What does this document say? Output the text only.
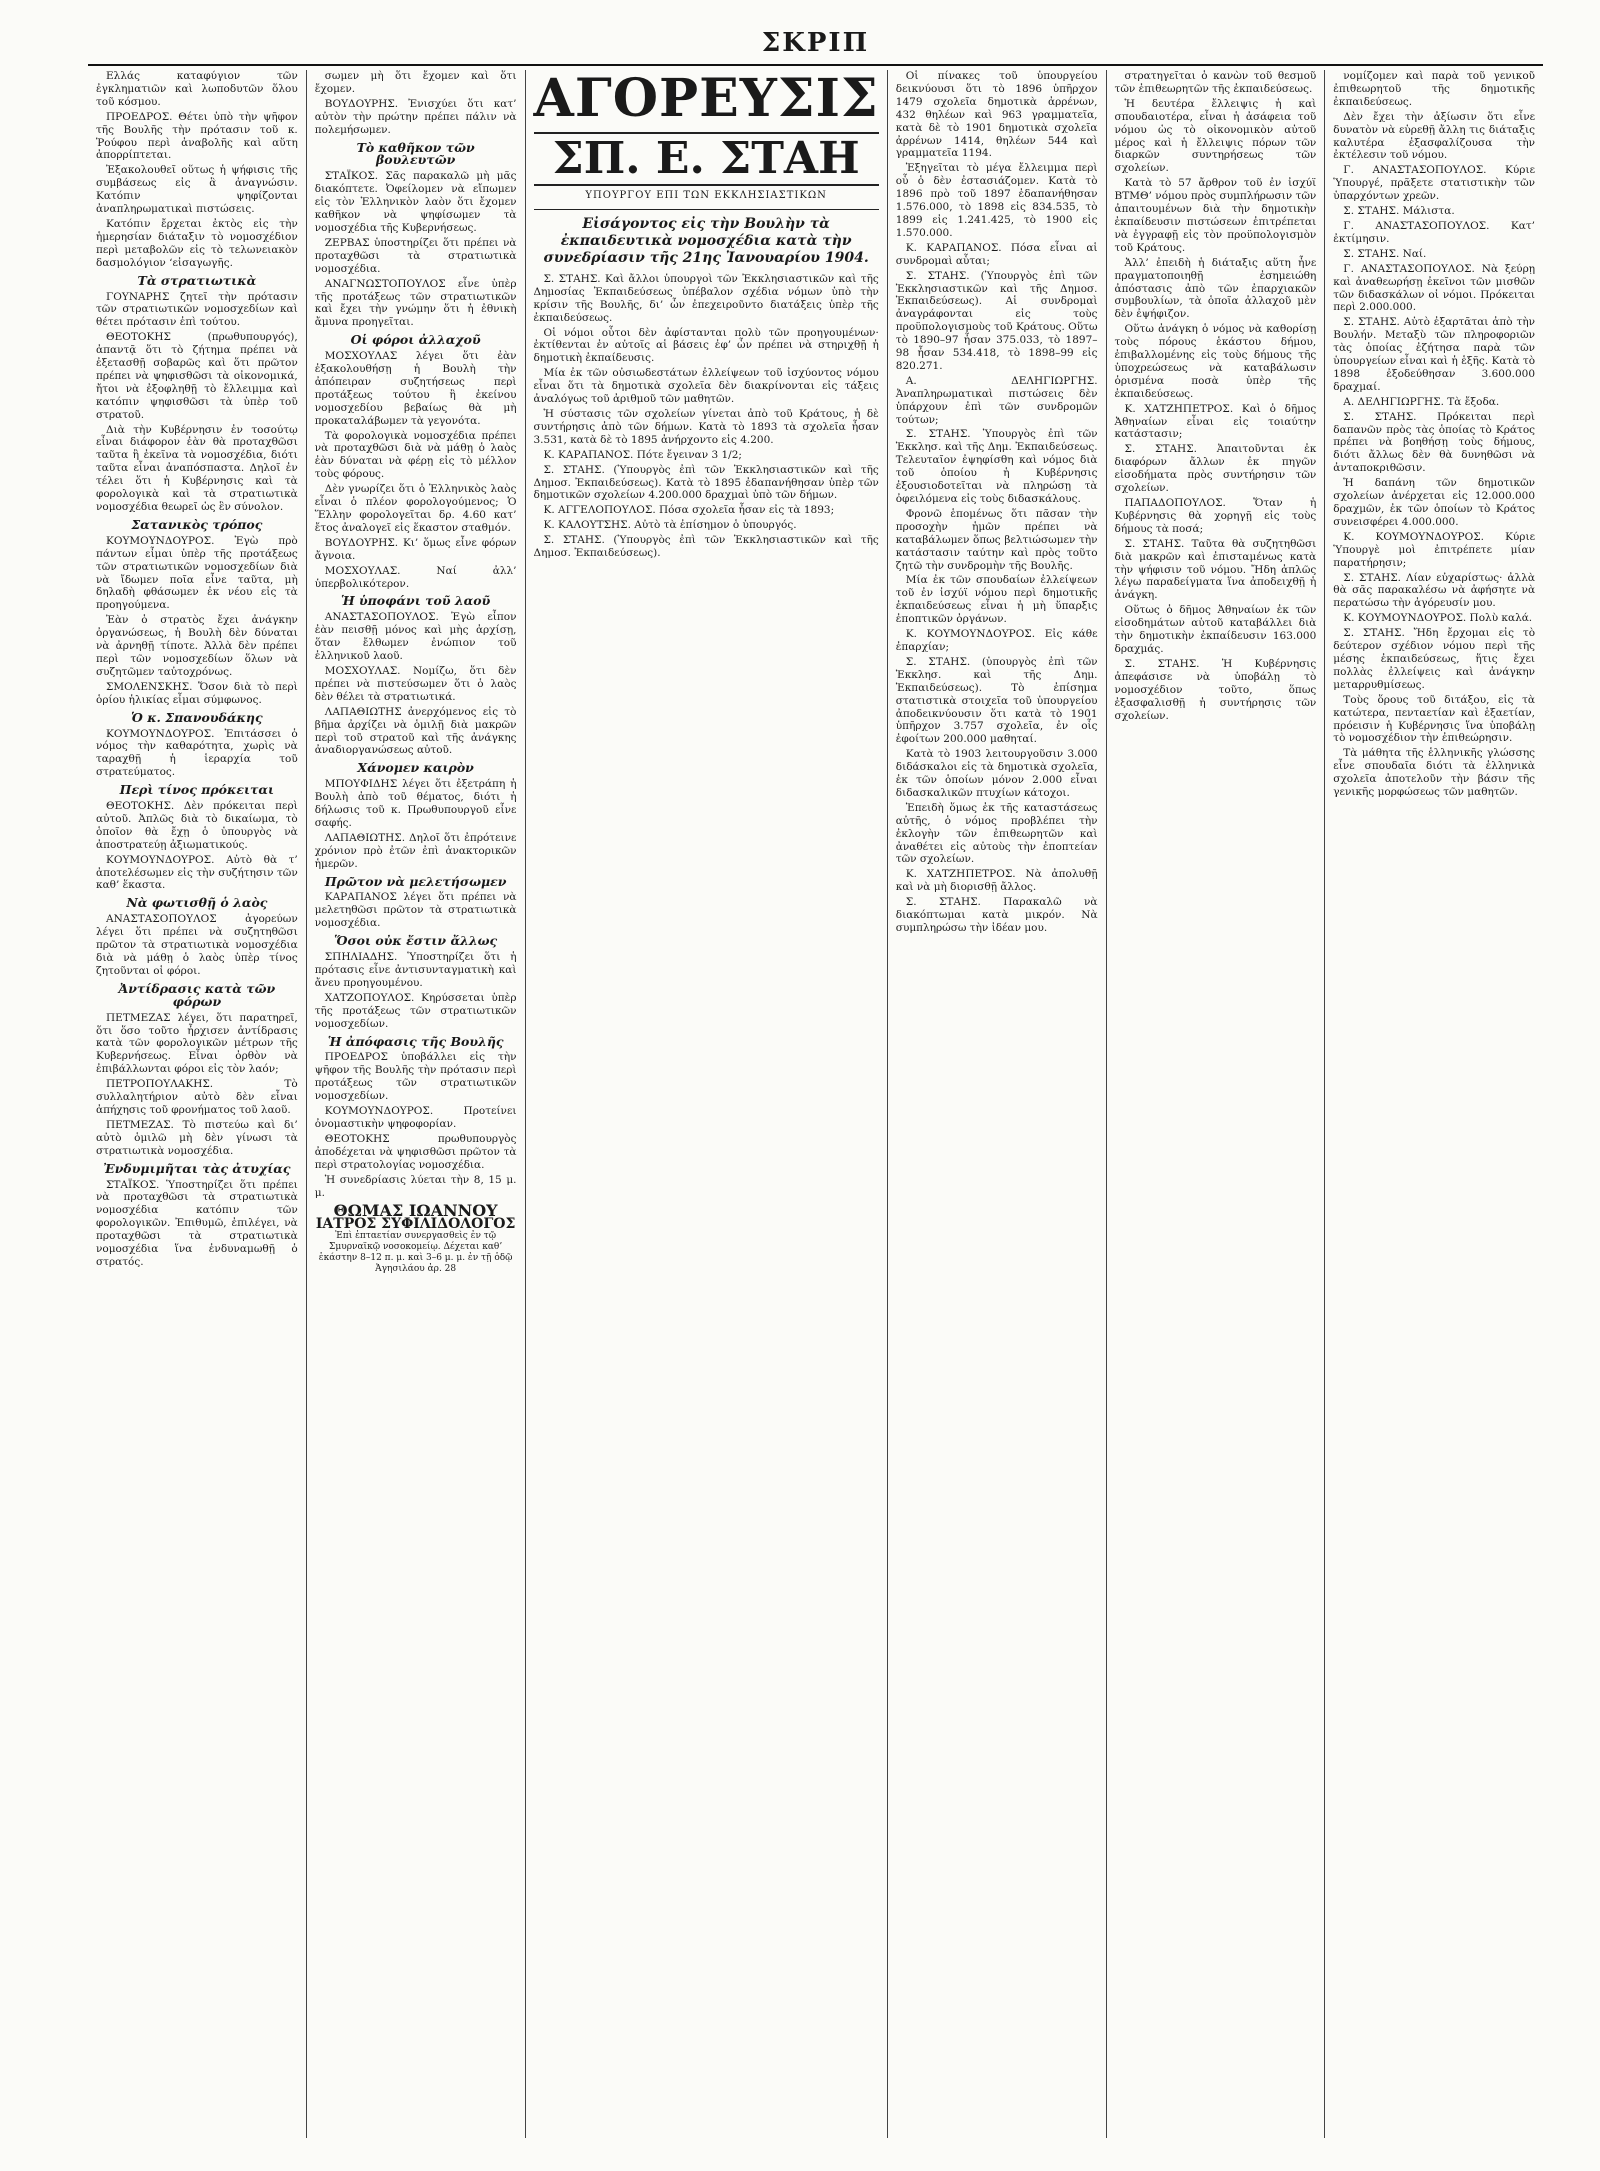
ΣΚΡΙΠ

Ελλάς καταφύγιον τῶν ἐγκληματιῶν καὶ λωποδυτῶν ὅλου τοῦ κόσμου.

ΠΡΟΕΔΡΟΣ. Θέτει ὑπὸ τὴν ψῆφον τῆς Βουλῆς τὴν πρότασιν τοῦ κ. Ῥούφου περὶ ἀναβολῆς καὶ αὕτη ἀπορρίπτεται.

Ἐξακολουθεῖ οὕτως ἡ ψήφισις τῆς συμβάσεως εἰς ἃ ἀναγνώσιν. Κατόπιν ψηφίζονται ἀναπληρωματικαὶ πιστώσεις.

Κατόπιν ἔρχεται ἐκτὸς εἰς τὴν ἡμερησίαν διάταξιν τὸ νομοσχέδιον περὶ μεταβολῶν εἰς τὸ τελωνειακὸν δασμολόγιον ‘εἰσαγωγῆς.

Τὰ στρατιωτικὰ

ΓΟΥΝΑΡΗΣ ζητεῖ τὴν πρότασιν τῶν στρατιωτικῶν νομοσχεδίων καὶ θέτει πρότασιν ἐπὶ τούτου.

ΘΕΟΤΟΚΗΣ (πρωθυπουργός), ἀπαντᾷ ὅτι τὸ ζήτημα πρέπει νὰ ἐξετασθῇ σοβαρῶς καὶ ὅτι πρῶτον πρέπει νὰ ψηφισθῶσι τὰ οἰκονομικά, ἤτοι νὰ ἐξοφληθῇ τὸ ἔλλειμμα καὶ κατόπιν ψηφισθῶσι τὰ ὑπὲρ τοῦ στρατοῦ.

Διὰ τὴν Κυβέρνησιν ἐν τοσούτῳ εἶναι διάφορον ἐὰν θὰ προταχθῶσι ταῦτα ἢ ἐκεῖνα τὰ νομοσχέδια, διότι ταῦτα εἶναι ἀναπόσπαστα. Δηλοῖ ἐν τέλει ὅτι ἡ Κυβέρνησις καὶ τὰ φορολογικὰ καὶ τὰ στρατιωτικὰ νομοσχέδια θεωρεῖ ὡς ἓν σύνολον.

Σατανικὸς τρόπος

ΚΟΥΜΟΥΝΔΟΥΡΟΣ. Ἐγὼ πρὸ πάντων εἶμαι ὑπὲρ τῆς προτάξεως τῶν στρατιωτικῶν νομοσχεδίων διὰ νὰ ἴδωμεν ποῖα εἶνε ταῦτα, μὴ δηλαδὴ φθάσωμεν ἐκ νέου εἰς τὰ προηγούμενα.

Ἐὰν ὁ στρατὸς ἔχει ἀνάγκην ὀργανώσεως, ἡ Βουλὴ δὲν δύναται νὰ ἀρνηθῇ τίποτε. Ἀλλὰ δὲν πρέπει περὶ τῶν νομοσχεδίων ὅλων νὰ συζητῶμεν ταὐτοχρόνως.

ΣΜΟΛΕΝΣΚΗΣ. Ὅσον διὰ τὸ περὶ ὁρίου ἡλικίας εἶμαι σύμφωνος.

Ὁ κ. Σπανουδάκης

ΚΟΥΜΟΥΝΔΟΥΡΟΣ. Ἐπιτάσσει ὁ νόμος τὴν καθαρότητα, χωρὶς νὰ ταραχθῇ ἡ ἱεραρχία τοῦ στρατεύματος.

Περὶ τίνος πρόκειται

ΘΕΟΤΟΚΗΣ. Δὲν πρόκειται περὶ αὐτοῦ. Ἀπλῶς διὰ τὸ δικαίωμα, τὸ ὁποῖον θὰ ἔχῃ ὁ ὑπουργὸς νὰ ἀποστρατεύῃ ἀξιωματικούς.

ΚΟΥΜΟΥΝΔΟΥΡΟΣ. Αὐτὸ θὰ τ’ ἀποτελέσωμεν εἰς τὴν συζήτησιν τῶν καθ’ ἕκαστα.

Νὰ φωτισθῇ ὁ λαὸς

ΑΝΑΣΤΑΣΟΠΟΥΛΟΣ ἀγορεύων λέγει ὅτι πρέπει νὰ συζητηθῶσι πρῶτον τὰ στρατιωτικὰ νομοσχέδια διὰ νὰ μάθῃ ὁ λαὸς ὑπὲρ τίνος ζητοῦνται οἱ φόροι.

Ἀντίδρασις κατὰ τῶν φόρων

ΠΕΤΜΕΖΑΣ λέγει, ὅτι παρατηρεῖ, ὅτι ὅσο τοῦτο ἦρχισεν ἀντίδρασις κατὰ τῶν φορολογικῶν μέτρων τῆς Κυβερνήσεως. Εἶναι ὀρθὸν νὰ ἐπιβάλλωνται φόροι εἰς τὸν λαόν;

ΠΕΤΡΟΠΟΥΛΑΚΗΣ. Τὸ συλλαλητήριον αὐτὸ δὲν εἶναι ἀπήχησις τοῦ φρονήματος τοῦ λαοῦ.

ΠΕΤΜΕΖΑΣ. Τὸ πιστεύω καὶ δι’ αὐτὸ ὁμιλῶ μὴ δὲν γίνωσι τὰ στρατιωτικὰ νομοσχέδια.

Ἐνδυμιμῆται τὰς ἀτυχίας

ΣΤΑΪΚΟΣ. Ὑποστηρίζει ὅτι πρέπει νὰ προταχθῶσι τὰ στρατιωτικὰ νομοσχέδια κατόπιν τῶν φορολογικῶν. Ἐπιθυμῶ, ἐπιλέγει, νὰ προταχθῶσι τὰ στρατιωτικὰ νομοσχέδια ἵνα ἐνδυναμωθῇ ὁ στρατός.

σωμεν μὴ ὅτι ἔχομεν καὶ ὅτι ἔχομεν.

ΒΟΥΔΟΥΡΗΣ. Ἐνισχύει ὅτι κατ’ αὐτὸν τὴν πρώτην πρέπει πάλιν νὰ πολεμήσωμεν.

Τὸ καθῆκον τῶν βουλευτῶν

ΣΤΑΪΚΟΣ. Σᾶς παρακαλῶ μὴ μᾶς διακόπτετε. Ὀφείλομεν νὰ εἴπωμεν εἰς τὸν Ἑλληνικὸν λαὸν ὅτι ἔχομεν καθῆκον νὰ ψηφίσωμεν τὰ νομοσχέδια τῆς Κυβερνήσεως.

ΖΕΡΒΑΣ ὑποστηρίζει ὅτι πρέπει νὰ προταχθῶσι τὰ στρατιωτικὰ νομοσχέδια.

ΑΝΑΓΝΩΣΤΟΠΟΥΛΟΣ εἶνε ὑπὲρ τῆς προτάξεως τῶν στρατιωτικῶν καὶ ἔχει τὴν γνώμην ὅτι ἡ ἐθνικὴ ἄμυνα προηγεῖται.

Οἱ φόροι ἀλλαχοῦ

ΜΟΣΧΟΥΛΑΣ λέγει ὅτι ἐὰν ἐξακολουθήσῃ ἡ Βουλὴ τὴν ἀπόπειραν συζητήσεως περὶ προτάξεως τούτου ἢ ἐκείνου νομοσχεδίου βεβαίως θὰ μὴ προκαταλάβωμεν τὰ γεγονότα.

Τὰ φορολογικὰ νομοσχέδια πρέπει νὰ προταχθῶσι διὰ νὰ μάθῃ ὁ λαὸς ἐὰν δύναται νὰ φέρῃ εἰς τὸ μέλλον τοὺς φόρους.

Δὲν γνωρίζει ὅτι ὁ Ἑλληνικὸς λαὸς εἶναι ὁ πλέον φορολογούμενος; Ὁ Ἕλλην φορολογεῖται δρ. 4.60 κατ’ ἔτος ἀναλογεῖ εἰς ἕκαστον σταθμόν.

ΒΟΥΔΟΥΡΗΣ. Κι’ ὅμως εἶνε φόρων ἄγνοια.

ΜΟΣΧΟΥΛΑΣ. Ναί ἀλλ’ ὑπερβολικότερον.

Ἡ ὑποφάνι τοῦ λαοῦ

ΑΝΑΣΤΑΣΟΠΟΥΛΟΣ. Ἐγὼ εἶπον ἐὰν πεισθῇ μόνος καὶ μὴς ἀρχίσῃ, ὅταν ἔλθωμεν ἐνώπιον τοῦ ἑλληνικοῦ λαοῦ.

ΜΟΣΧΟΥΛΑΣ. Νομίζω, ὅτι δὲν πρέπει νὰ πιστεύσωμεν ὅτι ὁ λαὸς δὲν θέλει τὰ στρατιωτικά.

ΛΑΠΑΘΙΩΤΗΣ ἀνερχόμενος εἰς τὸ βῆμα ἀρχίζει νὰ ὁμιλῇ διὰ μακρῶν περὶ τοῦ στρατοῦ καὶ τῆς ἀνάγκης ἀναδιοργανώσεως αὐτοῦ.

Χάνομεν καιρὸν

ΜΠΟΥΦΙΔΗΣ λέγει ὅτι ἐξετράπη ἡ Βουλὴ ἀπὸ τοῦ θέματος, διότι ἡ δήλωσις τοῦ κ. Πρωθυπουργοῦ εἶνε σαφής.

ΛΑΠΑΘΙΩΤΗΣ. Δηλοῖ ὅτι ἐπρότεινε χρόνιον πρὸ ἐτῶν ἐπὶ ἀνακτορικῶν ἡμερῶν.

Πρῶτον νὰ μελετήσωμεν

ΚΑΡΑΠΑΝΟΣ λέγει ὅτι πρέπει νὰ μελετηθῶσι πρῶτον τὰ στρατιωτικὰ νομοσχέδια.

Ὅσοι οὐκ ἔστιν ἄλλως

ΣΠΗΛΙΑΔΗΣ. Ὑποστηρίζει ὅτι ἡ πρότασις εἶνε ἀντισυνταγματικὴ καὶ ἄνευ προηγουμένου.

ΧΑΤΖΟΠΟΥΛΟΣ. Κηρύσσεται ὑπὲρ τῆς προτάξεως τῶν στρατιωτικῶν νομοσχεδίων.

Ἡ ἀπόφασις τῆς Βουλῆς

ΠΡΟΕΔΡΟΣ ὑποβάλλει εἰς τὴν ψῆφον τῆς Βουλῆς τὴν πρότασιν περὶ προτάξεως τῶν στρατιωτικῶν νομοσχεδίων.

ΚΟΥΜΟΥΝΔΟΥΡΟΣ. Προτείνει ὀνομαστικὴν ψηφοφορίαν.

ΘΕΟΤΟΚΗΣ πρωθυπουργὸς ἀποδέχεται νὰ ψηφισθῶσι πρῶτον τὰ περὶ στρατολογίας νομοσχέδια.

Ἡ συνεδρίασις λύεται τὴν 8, 15 μ. μ.

ΘΩΜΑΣ ΙΩΑΝΝΟΥ
ΙΑΤΡΟΣ ΣΥΦΙΛΙΔΟΛΟΓΟΣ
Ἐπὶ ἑπταετίαν συνεργασθεὶς ἐν τῷ Σμυρναϊκῷ νοσοκομείῳ. Δέχεται καθ’ ἑκάστην 8–12 π. μ. καὶ 3–6 μ. μ. ἐν τῇ ὁδῷ Ἀγησιλάου ἀρ. 28
ΑΓΟΡΕΥΣΙΣ
ΣΠ. Ε. ΣΤΑΗ
ΥΠΟΥΡΓΟΥ ΕΠΙ ΤΩΝ ΕΚΚΛΗΣΙΑΣΤΙΚΩΝ
Εἰσάγοντος εἰς τὴν Βουλὴν τὰ ἐκπαιδευτικὰ νομοσχέδια κατὰ τὴν συνεδρίασιν τῆς 21ης Ἰανουαρίου 1904.

Σ. ΣΤΑΗΣ. Καὶ ἄλλοι ὑπουργοὶ τῶν Ἐκκλησιαστικῶν καὶ τῆς Δημοσίας Ἐκπαιδεύσεως ὑπέβαλον σχέδια νόμων ὑπὸ τὴν κρίσιν τῆς Βουλῆς, δι’ ὧν ἐπεχειροῦντο διατάξεις ὑπὲρ τῆς ἐκπαιδεύσεως.

Οἱ νόμοι οὗτοι δὲν ἀφίστανται πολὺ τῶν προηγουμένων· ἐκτίθενται ἐν αὐτοῖς αἱ βάσεις ἐφ’ ὧν πρέπει νὰ στηριχθῇ ἡ δημοτικὴ ἐκπαίδευσις.

Μία ἐκ τῶν οὐσιωδεστάτων ἐλλείψεων τοῦ ἰσχύοντος νόμου εἶναι ὅτι τὰ δημοτικὰ σχολεῖα δὲν διακρίνονται εἰς τάξεις ἀναλόγως τοῦ ἀριθμοῦ τῶν μαθητῶν.

Ἡ σύστασις τῶν σχολείων γίνεται ἀπὸ τοῦ Κράτους, ἡ δὲ συντήρησις ἀπὸ τῶν δήμων. Κατὰ τὸ 1893 τὰ σχολεῖα ἦσαν 3.531, κατὰ δὲ τὸ 1895 ἀνήρχοντο εἰς 4.200.

Κ. ΚΑΡΑΠΑΝΟΣ. Πότε ἔγειναν 3 1/2;

Σ. ΣΤΑΗΣ. (Ὑπουργὸς ἐπὶ τῶν Ἐκκλησιαστικῶν καὶ τῆς Δημοσ. Ἐκπαιδεύσεως). Κατὰ τὸ 1895 ἐδαπανήθησαν ὑπὲρ τῶν δημοτικῶν σχολείων 4.200.000 δραχμαὶ ὑπὸ τῶν δήμων.

Κ. ΑΓΓΕΛΟΠΟΥΛΟΣ. Πόσα σχολεῖα ἦσαν εἰς τὰ 1893;

Κ. ΚΑΛΟΥΤΣΗΣ. Αὐτὸ τὰ ἐπίσημον ὁ ὑπουργός.

Σ. ΣΤΑΗΣ. (Ὑπουργὸς ἐπὶ τῶν Ἐκκλησιαστικῶν καὶ τῆς Δημοσ. Ἐκπαιδεύσεως).

Οἱ πίνακες τοῦ ὑπουργείου δεικνύουσι ὅτι τὸ 1896 ὑπῆρχον 1479 σχολεῖα δημοτικὰ ἀρρένων, 432 θηλέων καὶ 963 γραμματεῖα, κατὰ δὲ τὸ 1901 δημοτικὰ σχολεῖα ἀρρένων 1414, θηλέων 544 καὶ γραμματεῖα 1194.

Ἐξηγεῖται τὸ μέγα ἔλλειμμα περὶ οὗ ὁ δὲν ἐστασιάζομεν. Κατὰ τὸ 1896 πρὸ τοῦ 1897 ἐδαπανήθησαν 1.576.000, τὸ 1898 εἰς 834.535, τὸ 1899 εἰς 1.241.425, τὸ 1900 εἰς 1.570.000.

Κ. ΚΑΡΑΠΑΝΟΣ. Πόσα εἶναι αἱ συνδρομαὶ αὗται;

Σ. ΣΤΑΗΣ. (Ὑπουργὸς ἐπὶ τῶν Ἐκκλησιαστικῶν καὶ τῆς Δημοσ. Ἐκπαιδεύσεως). Αἱ συνδρομαὶ ἀναγράφονται εἰς τοὺς προϋπολογισμοὺς τοῦ Κράτους. Οὕτω τὸ 1890–97 ἦσαν 375.033, τὸ 1897–98 ἦσαν 534.418, τὸ 1898–99 εἰς 820.271.

Α. ΔΕΛΗΓΙΩΡΓΗΣ. Ἀναπληρωματικαὶ πιστώσεις δὲν ὑπάρχουν ἐπὶ τῶν συνδρομῶν τούτων;

Σ. ΣΤΑΗΣ. Ὑπουργὸς ἐπὶ τῶν Ἐκκλησ. καὶ τῆς Δημ. Ἐκπαιδεύσεως. Τελευταῖον ἐψηφίσθη καὶ νόμος διὰ τοῦ ὁποίου ἡ Κυβέρνησις ἐξουσιοδοτεῖται νὰ πληρώσῃ τὰ ὀφειλόμενα εἰς τοὺς διδασκάλους.

Φρονῶ ἑπομένως ὅτι πᾶσαν τὴν προσοχὴν ἡμῶν πρέπει νὰ καταβάλωμεν ὅπως βελτιώσωμεν τὴν κατάστασιν ταύτην καὶ πρὸς τοῦτο ζητῶ τὴν συνδρομὴν τῆς Βουλῆς.

Μία ἐκ τῶν σπουδαίων ἐλλείψεων τοῦ ἐν ἰσχύϊ νόμου περὶ δημοτικῆς ἐκπαιδεύσεως εἶναι ἡ μὴ ὕπαρξις ἐποπτικῶν ὀργάνων.

Κ. ΚΟΥΜΟΥΝΔΟΥΡΟΣ. Εἰς κάθε ἐπαρχίαν;

Σ. ΣΤΑΗΣ. (ὑπουργὸς ἐπὶ τῶν Ἐκκλησ. καὶ τῆς Δημ. Ἐκπαιδεύσεως). Τὸ ἐπίσημα στατιστικὰ στοιχεῖα τοῦ ὑπουργείου ἀποδεικνύουσιν ὅτι κατὰ τὸ 1901 ὑπῆρχον 3.757 σχολεῖα, ἐν οἷς ἐφοίτων 200.000 μαθηταί.

Κατὰ τὸ 1903 λειτουργοῦσιν 3.000 διδάσκαλοι εἰς τὰ δημοτικὰ σχολεῖα, ἐκ τῶν ὁποίων μόνον 2.000 εἶναι διδασκαλικῶν πτυχίων κάτοχοι.

Ἐπειδὴ ὅμως ἐκ τῆς καταστάσεως αὐτῆς, ὁ νόμος προβλέπει τὴν ἐκλογὴν τῶν ἐπιθεωρητῶν καὶ ἀναθέτει εἰς αὐτοὺς τὴν ἐποπτείαν τῶν σχολείων.

Κ. ΧΑΤΖΗΠΕΤΡΟΣ. Νὰ ἀπολυθῇ καὶ νὰ μὴ διορισθῇ ἄλλος.

Σ. ΣΤΑΗΣ. Παρακαλῶ νὰ διακόπτωμαι κατὰ μικρόν. Νὰ συμπληρώσω τὴν ἰδέαν μου.

στρατηγεῖται ὁ κανὼν τοῦ θεσμοῦ τῶν ἐπιθεωρητῶν τῆς ἐκπαιδεύσεως.

Ἡ δευτέρα ἔλλειψις ἡ καὶ σπουδαιοτέρα, εἶναι ἡ ἀσάφεια τοῦ νόμου ὡς τὸ οἰκονομικὸν αὐτοῦ μέρος καὶ ἡ ἔλλειψις πόρων τῶν διαρκῶν συντηρήσεως τῶν σχολείων.

Κατὰ τὸ 57 ἄρθρον τοῦ ἐν ἰσχύϊ ΒΤΜΘ’ νόμου πρὸς συμπλήρωσιν τῶν ἀπαιτουμένων διὰ τὴν δημοτικὴν ἐκπαίδευσιν πιστώσεων ἐπιτρέπεται νὰ ἐγγραφῇ εἰς τὸν προϋπολογισμὸν τοῦ Κράτους.

Ἀλλ’ ἐπειδὴ ἡ διάταξις αὕτη ἦνε πραγματοποιηθῇ ἐσημειώθη ἀπόστασις ἀπὸ τῶν ἐπαρχιακῶν συμβουλίων, τὰ ὁποῖα ἀλλαχοῦ μὲν δὲν ἐψήφιζον.

Οὕτω ἀνάγκη ὁ νόμος νὰ καθορίσῃ τοὺς πόρους ἑκάστου δήμου, ἐπιβαλλομένης εἰς τοὺς δήμους τῆς ὑποχρεώσεως νὰ καταβάλωσιν ὁρισμένα ποσὰ ὑπὲρ τῆς ἐκπαιδεύσεως.

Κ. ΧΑΤΖΗΠΕΤΡΟΣ. Καὶ ὁ δῆμος Ἀθηναίων εἶναι εἰς τοιαύτην κατάστασιν;

Σ. ΣΤΑΗΣ. Ἀπαιτοῦνται ἐκ διαφόρων ἄλλων ἐκ πηγῶν εἰσοδήματα πρὸς συντήρησιν τῶν σχολείων.

ΠΑΠΑΔΟΠΟΥΛΟΣ. Ὅταν ἡ Κυβέρνησις θὰ χορηγῇ εἰς τοὺς δήμους τὰ ποσά;

Σ. ΣΤΑΗΣ. Ταῦτα θὰ συζητηθῶσι διὰ μακρῶν καὶ ἐπισταμένως κατὰ τὴν ψήφισιν τοῦ νόμου. Ἤδη ἀπλῶς λέγω παραδείγματα ἵνα ἀποδειχθῇ ἡ ἀνάγκη.

Οὕτως ὁ δῆμος Ἀθηναίων ἐκ τῶν εἰσοδημάτων αὑτοῦ καταβάλλει διὰ τὴν δημοτικὴν ἐκπαίδευσιν 163.000 δραχμάς.

Σ. ΣΤΑΗΣ. Ἡ Κυβέρνησις ἀπεφάσισε νὰ ὑποβάλῃ τὸ νομοσχέδιον τοῦτο, ὅπως ἐξασφαλισθῇ ἡ συντήρησις τῶν σχολείων.

νομίζομεν καὶ παρὰ τοῦ γενικοῦ ἐπιθεωρητοῦ τῆς δημοτικῆς ἐκπαιδεύσεως.

Δὲν ἔχει τὴν ἀξίωσιν ὅτι εἶνε δυνατὸν νὰ εὑρεθῇ ἄλλη τις διάταξις καλυτέρα ἐξασφαλίζουσα τὴν ἐκτέλεσιν τοῦ νόμου.

Γ. ΑΝΑΣΤΑΣΟΠΟΥΛΟΣ. Κύριε Ὑπουργέ, πρᾶξετε στατιστικὴν τῶν ὑπαρχόντων χρεῶν.

Σ. ΣΤΑΗΣ. Μάλιστα.

Γ. ΑΝΑΣΤΑΣΟΠΟΥΛΟΣ. Κατ’ ἐκτίμησιν.

Σ. ΣΤΑΗΣ. Ναί.

Γ. ΑΝΑΣΤΑΣΟΠΟΥΛΟΣ. Νὰ ξεύρῃ καὶ ἀναθεωρήσῃ ἐκεῖνοι τῶν μισθῶν τῶν διδασκάλων οἱ νόμοι. Πρόκειται περὶ 2.000.000.

Σ. ΣΤΑΗΣ. Αὐτὸ ἐξαρτᾶται ἀπὸ τὴν Βουλήν. Μεταξὺ τῶν πληροφοριῶν τὰς ὁποίας ἐζήτησα παρὰ τῶν ὑπουργείων εἶναι καὶ ἡ ἑξῆς. Κατὰ τὸ 1898 ἐξοδεύθησαν 3.600.000 δραχμαί.

Α. ΔΕΛΗΓΙΩΡΓΗΣ. Τὰ ἔξοδα.

Σ. ΣΤΑΗΣ. Πρόκειται περὶ δαπανῶν πρὸς τὰς ὁποίας τὸ Κράτος πρέπει νὰ βοηθήσῃ τοὺς δήμους, διότι ἄλλως δὲν θὰ δυνηθῶσι νὰ ἀνταποκριθῶσιν.

Ἡ δαπάνη τῶν δημοτικῶν σχολείων ἀνέρχεται εἰς 12.000.000 δραχμῶν, ἐκ τῶν ὁποίων τὸ Κράτος συνεισφέρει 4.000.000.

Κ. ΚΟΥΜΟΥΝΔΟΥΡΟΣ. Κύριε Ὑπουργὲ μοὶ ἐπιτρέπετε μίαν παρατήρησιν;

Σ. ΣΤΑΗΣ. Λίαν εὐχαρίστως· ἀλλὰ θὰ σᾶς παρακαλέσω νὰ ἀφήσητε νὰ περατώσω τὴν ἀγόρευσίν μου.

Κ. ΚΟΥΜΟΥΝΔΟΥΡΟΣ. Πολὺ καλά.

Σ. ΣΤΑΗΣ. Ἤδη ἔρχομαι εἰς τὸ δεύτερον σχέδιον νόμου περὶ τῆς μέσης ἐκπαιδεύσεως, ἥτις ἔχει πολλὰς ἐλλείψεις καὶ ἀνάγκην μεταρρυθμίσεως.

Τοὺς ὅρους τοῦ διτάξου, εἰς τὰ κατώτερα, πενταετίαν καὶ ἑξαετίαν, πρόεισιν ἡ Κυβέρνησις ἵνα ὑποβάλῃ τὸ νομοσχέδιον τὴν ἐπιθεώρησιν.

Τὰ μάθητα τῆς ἑλληνικῆς γλώσσης εἶνε σπουδαῖα διότι τὰ ἑλληνικὰ σχολεῖα ἀποτελοῦν τὴν βάσιν τῆς γενικῆς μορφώσεως τῶν μαθητῶν.
